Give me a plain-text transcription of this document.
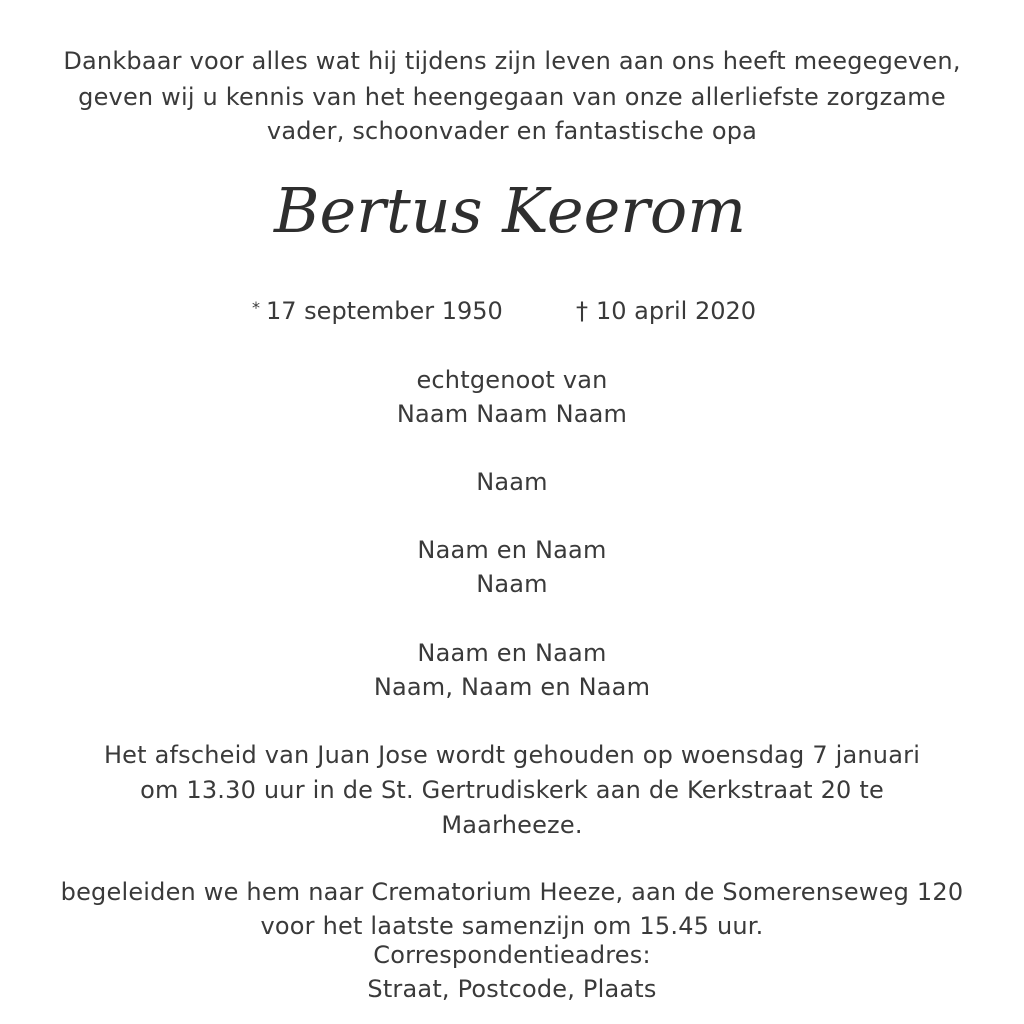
Dankbaar voor alles wat hij tijdens zijn leven aan ons heeft meegegeven,
geven wij u kennis van het heengegaan van onze allerliefste zorgzame
vader, schoonvader en fantastische opa
Bertus Keerom
* 17 september 1950	† 10 april 2020
echtgenoot van
Naam Naam Naam
Naam
Naam en Naam
Naam
Naam en Naam
Naam, Naam en Naam
Het afscheid van Juan Jose wordt gehouden op woensdag 7 januari
om 13.30 uur in de St. Gertrudiskerk aan de Kerkstraat 20 te
Maarheeze.
begeleiden we hem naar Crematorium Heeze, aan de Somerenseweg 120
voor het laatste samenzijn om 15.45 uur.
Correspondentieadres:
Straat, Postcode, Plaats
